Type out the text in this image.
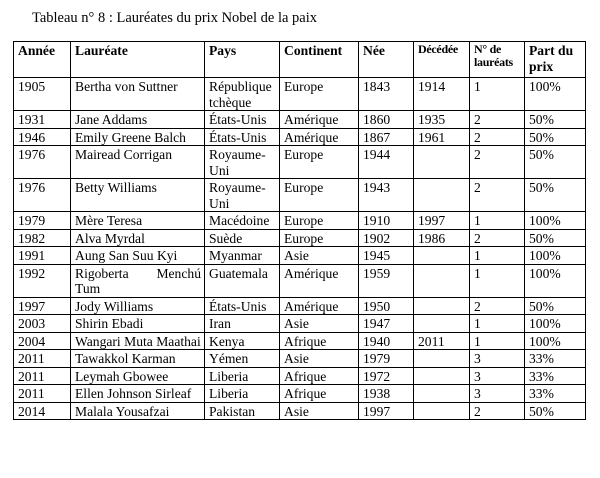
Tableau n° 8 : Lauréates du prix Nobel de la paix
Année	Lauréate	Pays	Continent	Née	Décédée	N° de lauréats	Part du prix
1905	Bertha von Suttner	République tchèque	Europe	1843	1914	1	100%
1931	Jane Addams	États-Unis	Amérique	1860	1935	2	50%
1946	Emily Greene Balch	États-Unis	Amérique	1867	1961	2	50%
1976	Mairead Corrigan	Royaume-Uni	Europe	1944		2	50%
1976	Betty Williams	Royaume-Uni	Europe	1943		2	50%
1979	Mère Teresa	Macédoine	Europe	1910	1997	1	100%
1982	Alva Myrdal	Suède	Europe	1902	1986	2	50%
1991	Aung San Suu Kyi	Myanmar	Asie	1945		1	100%
1992	Rigoberta Menchú Tum	Guatemala	Amérique	1959		1	100%
1997	Jody Williams	États-Unis	Amérique	1950		2	50%
2003	Shirin Ebadi	Iran	Asie	1947		1	100%
2004	Wangari Muta Maathai	Kenya	Afrique	1940	2011	1	100%
2011	Tawakkol Karman	Yémen	Asie	1979		3	33%
2011	Leymah Gbowee	Liberia	Afrique	1972		3	33%
2011	Ellen Johnson Sirleaf	Liberia	Afrique	1938		3	33%
2014	Malala Yousafzai	Pakistan	Asie	1997		2	50%
